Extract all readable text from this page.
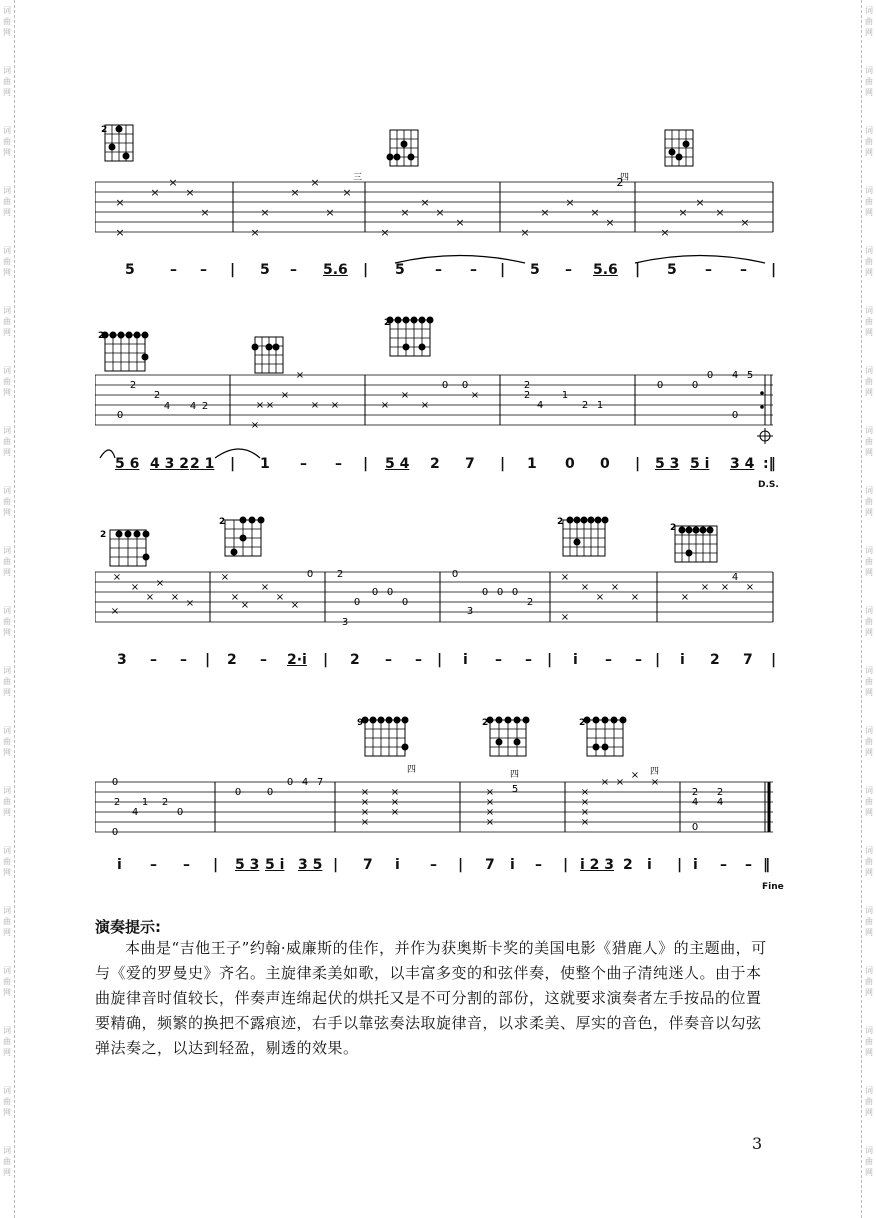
词
曲
网
词
曲
网
词
曲
网
词
曲
网
词
曲
网
词
曲
网
词
曲
网
词
曲
网
词
曲
网
词
曲
网
词
曲
网
词
曲
网
词
曲
网
词
曲
网
词
曲
网
词
曲
网
词
曲
网
词
曲
网
词
曲
网
词
曲
网
词
曲
网
词
曲
网
词
曲
网
词
曲
网
词
曲
网
词
曲
网
词
曲
网
词
曲
网
词
曲
网
词
曲
网
词
曲
网
词
曲
网
词
曲
网
词
曲
网
词
曲
网
词
曲
网
词
曲
网
词
曲
网
词
曲
网
词
曲
网
2
×
×
×
×
×
×
×
×
×
×
×
×
×
×
×
×
×
×
×
×
×
×
2
×
×
×
×
×
三	四
5	– – | 5 – 5.6 | 5 – – | 5 – 5.6 | 5 – – |
2
2
2
2
4 4 2
0
× ×
×
×
× ×
×
×
×
×
0 0
×	2
4
1
2 1
2	0	0
0 4 5
0
5 6 4 3 2 2 1 | 1 – – | 5 4 2 7 | 1 0 0 | 5 3 5 i 3 4 :‖
D.S.
2
2	2
2
×
×
×
×
×
×
×
×
×
×
×
×
×
0 2
0
0 0
0
3
0
3
0 0 0
2
×
×
×
×
×
×
×
× ×
4
×
3 – – | 2 – 2·i | 2 – – | i – – | i – – | i 2 7 |
9	2	2
0
2
4
1 2
0
0
0	0
0 4 7
×
×
×
×
×
×
×
×
×
×
×
5	×
×
×
×
× ×
×
×
2
4
2
4
0
四	四	四
i – – | 5 3 5 i 3 5 | 7 i – | 7 i – | i 2 3 2 i | i – – ‖
Fine
演奏提示:
本曲是“吉他王子”约翰·威廉斯的佳作，并作为获奥斯卡奖的美国电影《猎鹿人》的主题曲，可与《爱的罗曼史》齐名。主旋律柔美如歌，以丰富多变的和弦伴奏，使整个曲子清纯迷人。由于本曲旋律音时值较长，伴奏声连绵起伏的烘托又是不可分割的部份，这就要求演奏者左手按品的位置要精确，频繁的换把不露痕迹，右手以靠弦奏法取旋律音，以求柔美、厚实的音色，伴奏音以勾弦弹法奏之，以达到轻盈，剔透的效果。
3
